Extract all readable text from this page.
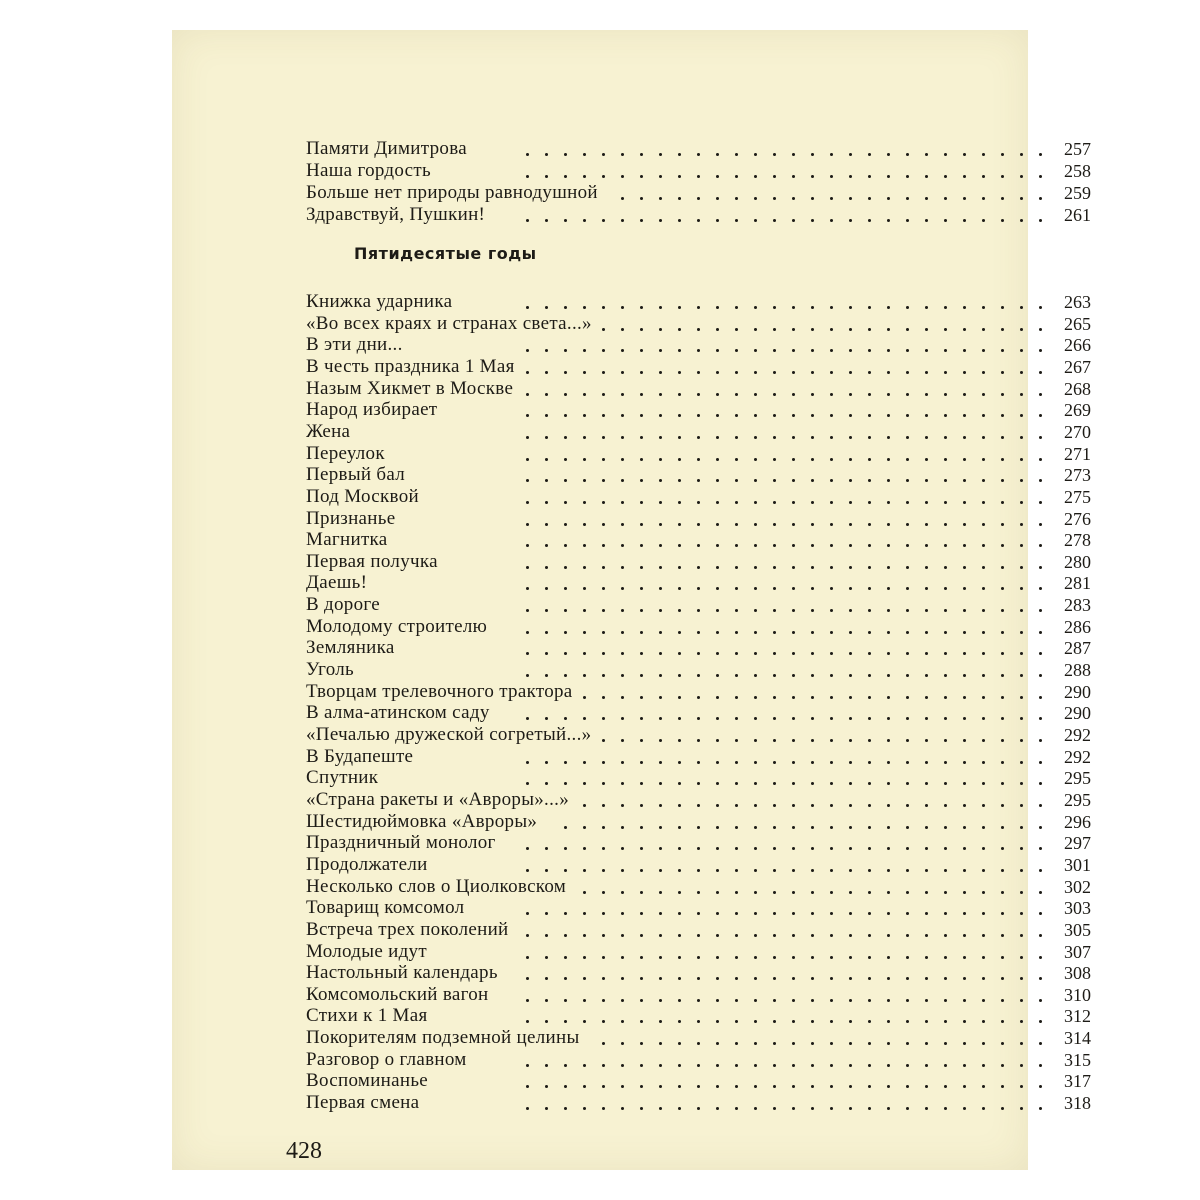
Памяти Димитрова	257
Наша гордость	258
Больше нет природы равнодушной	259
Здравствуй, Пушкин!	261
Книжка ударника	263
«Во всех краях и странах света...»	265
В эти дни...	266
В честь праздника 1 Мая	267
Назым Хикмет в Москве	268
Народ избирает	269
Жена	270
Переулок	271
Первый бал	273
Под Москвой	275
Признанье	276
Магнитка	278
Первая получка	280
Даешь!	281
В дороге	283
Молодому строителю	286
Земляника	287
Уголь	288
Творцам трелевочного трактора	290
В алма-атинском саду	290
«Печалью дружеской согретый...»	292
В Будапеште	292
Спутник	295
«Страна ракеты и «Авроры»...»	295
Шестидюймовка «Авроры»	296
Праздничный монолог	297
Продолжатели	301
Несколько слов о Циолковском	302
Товарищ комсомол	303
Встреча трех поколений	305
Молодые идут	307
Настольный календарь	308
Комсомольский вагон	310
Стихи к 1 Мая	312
Покорителям подземной целины	314
Разговор о главном	315
Воспоминанье	317
Первая смена	318
Пятидесятые годы
428
